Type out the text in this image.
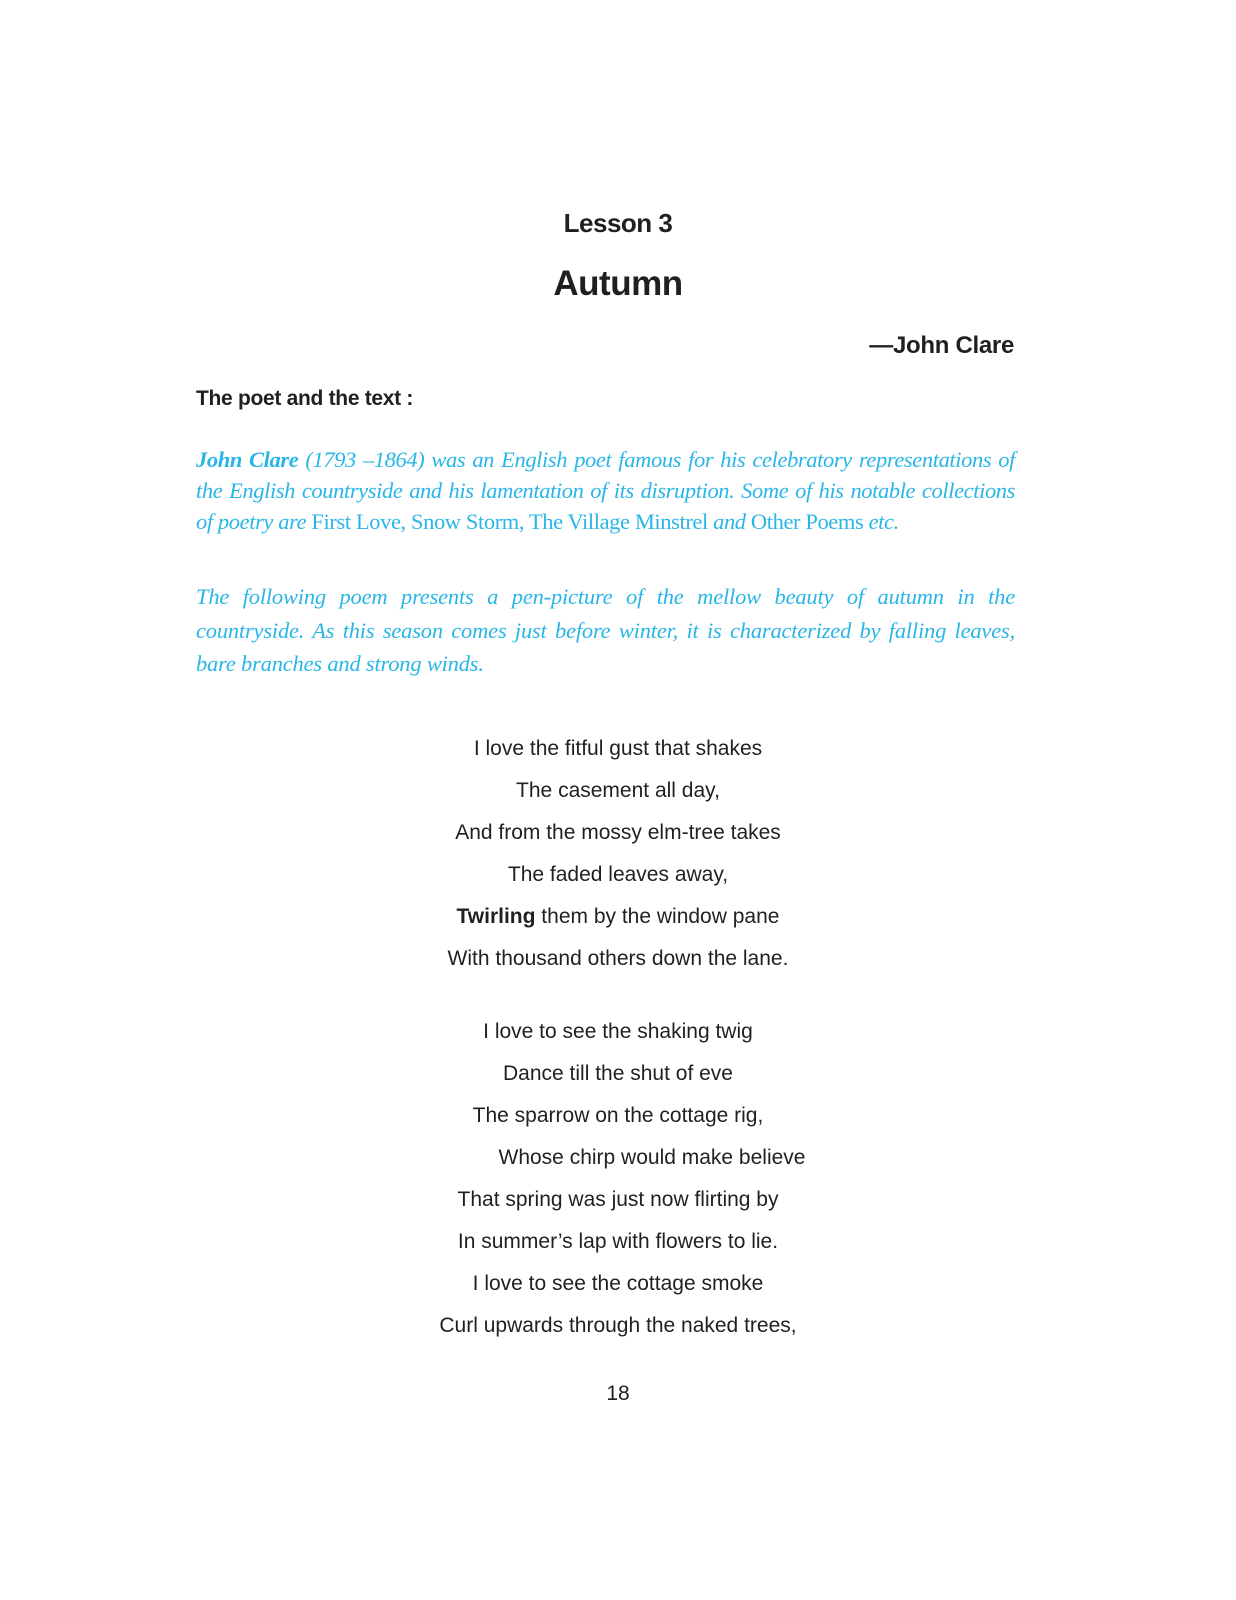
Lesson 3
Autumn
—John Clare
The poet and the text :
John Clare (1793 –1864) was an English poet famous for his celebratory representations of the English countryside and his lamentation of its disruption. Some of his notable collections of poetry are First Love, Snow Storm, The Village Minstrel and Other Poems etc.
The following poem presents a pen-picture of the mellow beauty of autumn in the countryside. As this season comes just before winter, it is characterized by falling leaves, bare branches and strong winds.
I love the fitful gust that shakes
The casement all day,
And from the mossy elm-tree takes
The faded leaves away,
Twirling them by the window pane
With thousand others down the lane.
I love to see the shaking twig
Dance till the shut of eve
The sparrow on the cottage rig,
Whose chirp would make believe
That spring was just now flirting by
In summer’s lap with flowers to lie.
I love to see the cottage smoke
Curl upwards through the naked trees,
18
